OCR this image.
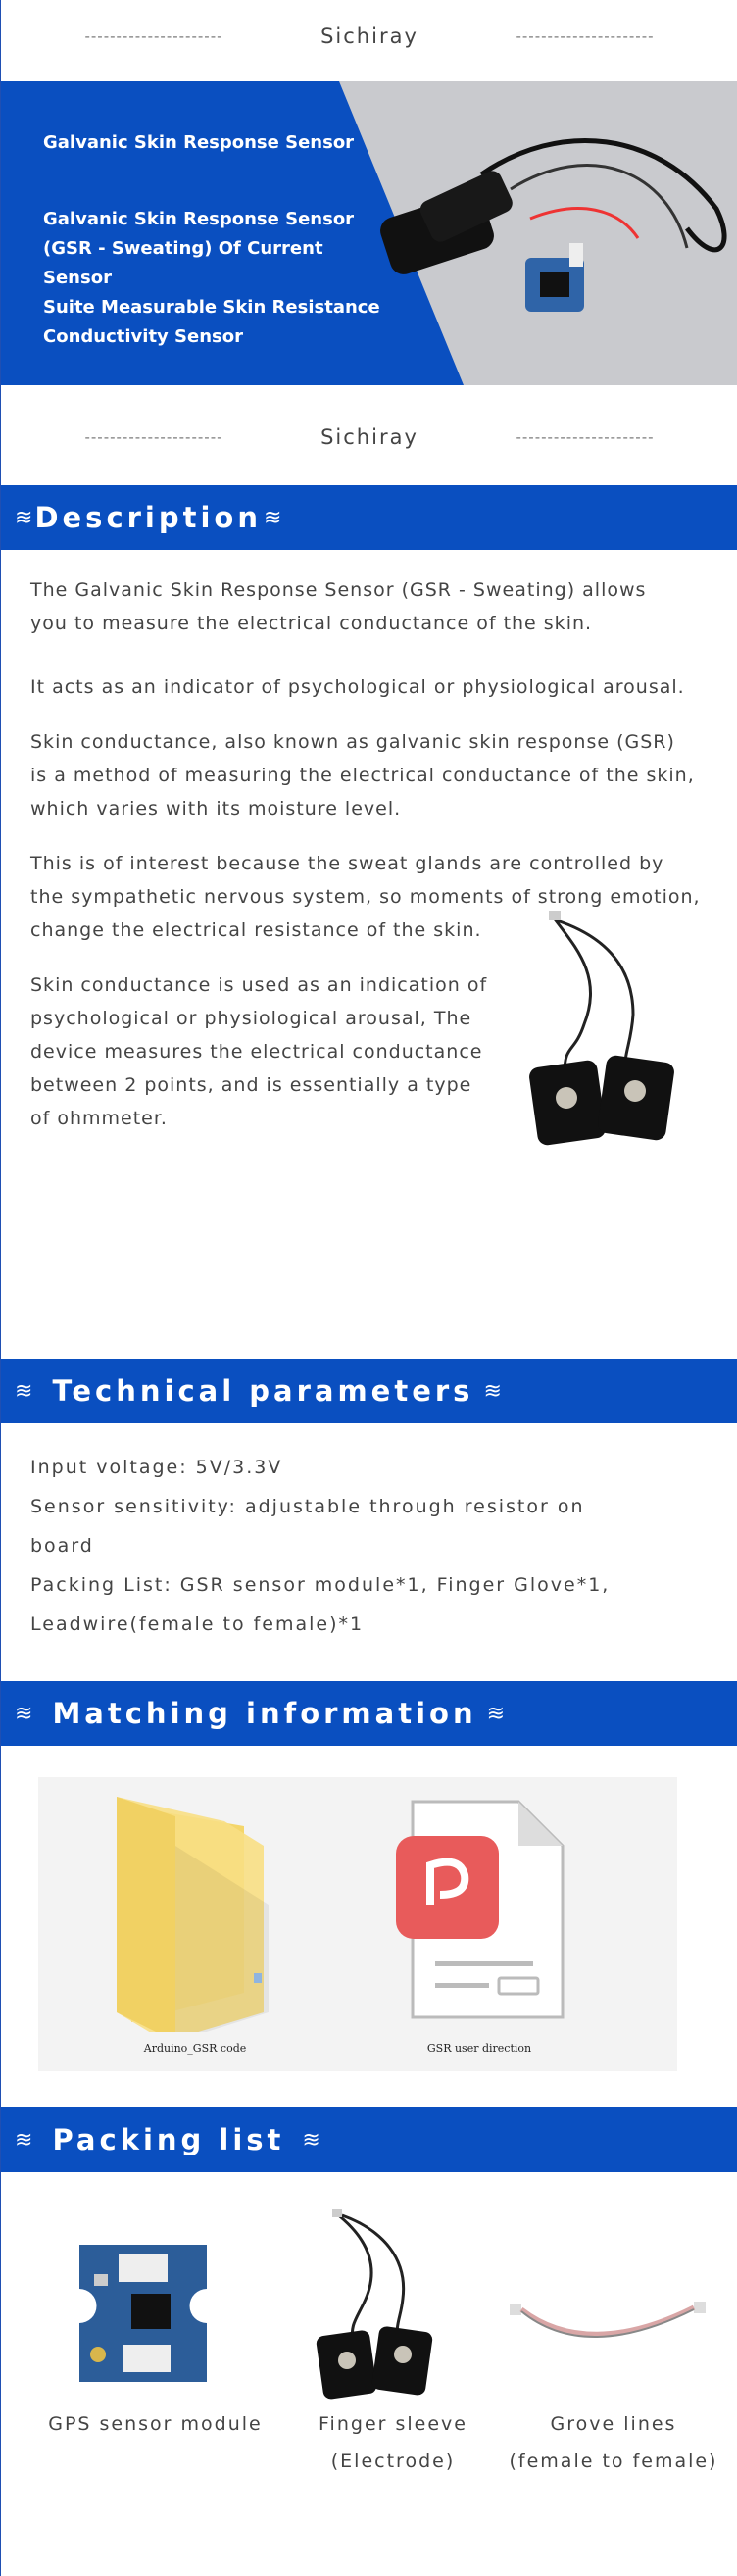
----------------------	Sichiray	----------------------
Galvanic Skin Response Sensor
Galvanic Skin Response Sensor
(GSR - Sweating) Of Current Sensor
Suite Measurable Skin Resistance
Conductivity Sensor
----------------------	Sichiray	----------------------
≋ Description ≋
The Galvanic Skin Response Sensor (GSR - Sweating) allows
you to measure the electrical conductance of the skin.
It acts as an indicator of psychological or physiological arousal.
Skin conductance, also known as galvanic skin response (GSR)
is a method of measuring the electrical conductance of the skin,
which varies with its moisture level.
This is of interest because the sweat glands are controlled by
the sympathetic nervous system, so moments of strong emotion,
change the electrical resistance of the skin.
Skin conductance is used as an indication of
psychological or physiological arousal, The
device measures the electrical conductance
between 2 points, and is essentially a type
of ohmmeter.
≋ Technical parameters ≋
Input voltage: 5V/3.3V
Sensor sensitivity: adjustable through resistor on
board
Packing List: GSR sensor module*1, Finger Glove*1,
Leadwire(female to female)*1
≋ Matching information ≋
Arduino_GSR code	GSR user direction
≋ Packing list ≋
GPS sensor module	Finger sleeve
(Electrode)
Grove lines
(female to female)
